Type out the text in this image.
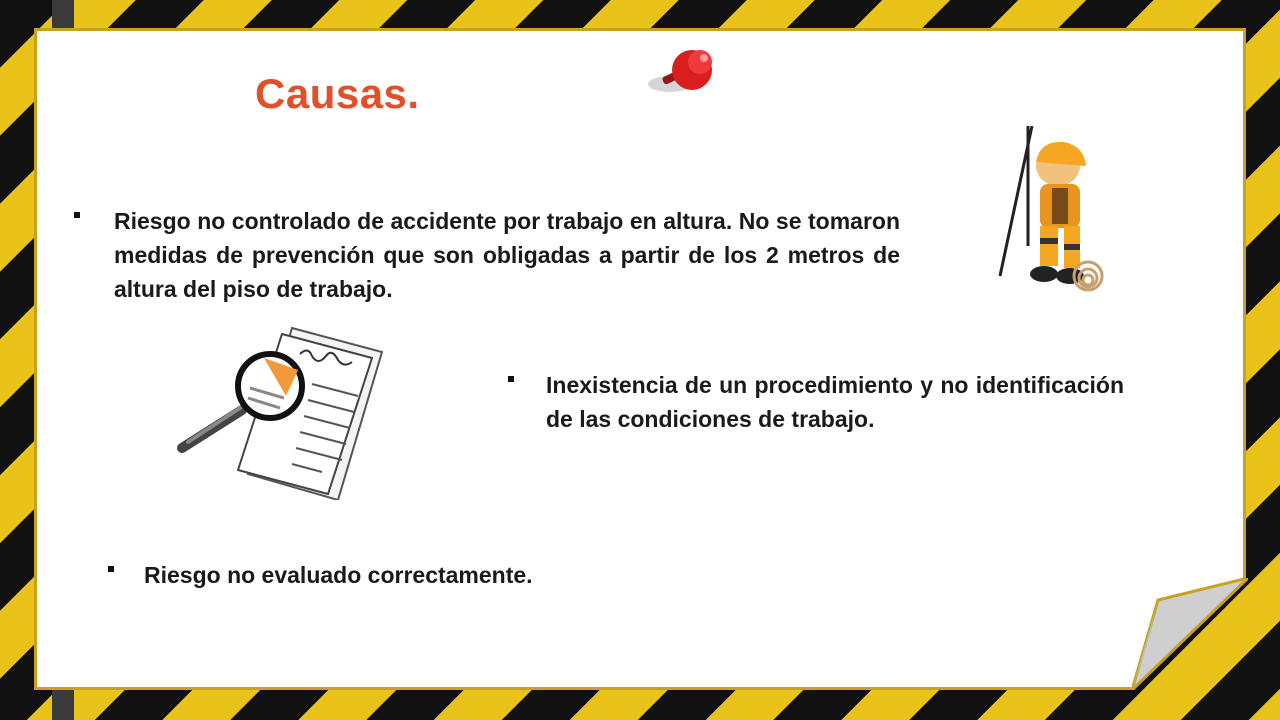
Causas.

Riesgo no controlado de accidente por trabajo en altura. No se tomaron medidas de prevención que son obligadas a partir de los 2 metros de altura del piso de trabajo.

Inexistencia de un procedimiento y no identificación de las condiciones de trabajo.

Riesgo no evaluado correctamente.
